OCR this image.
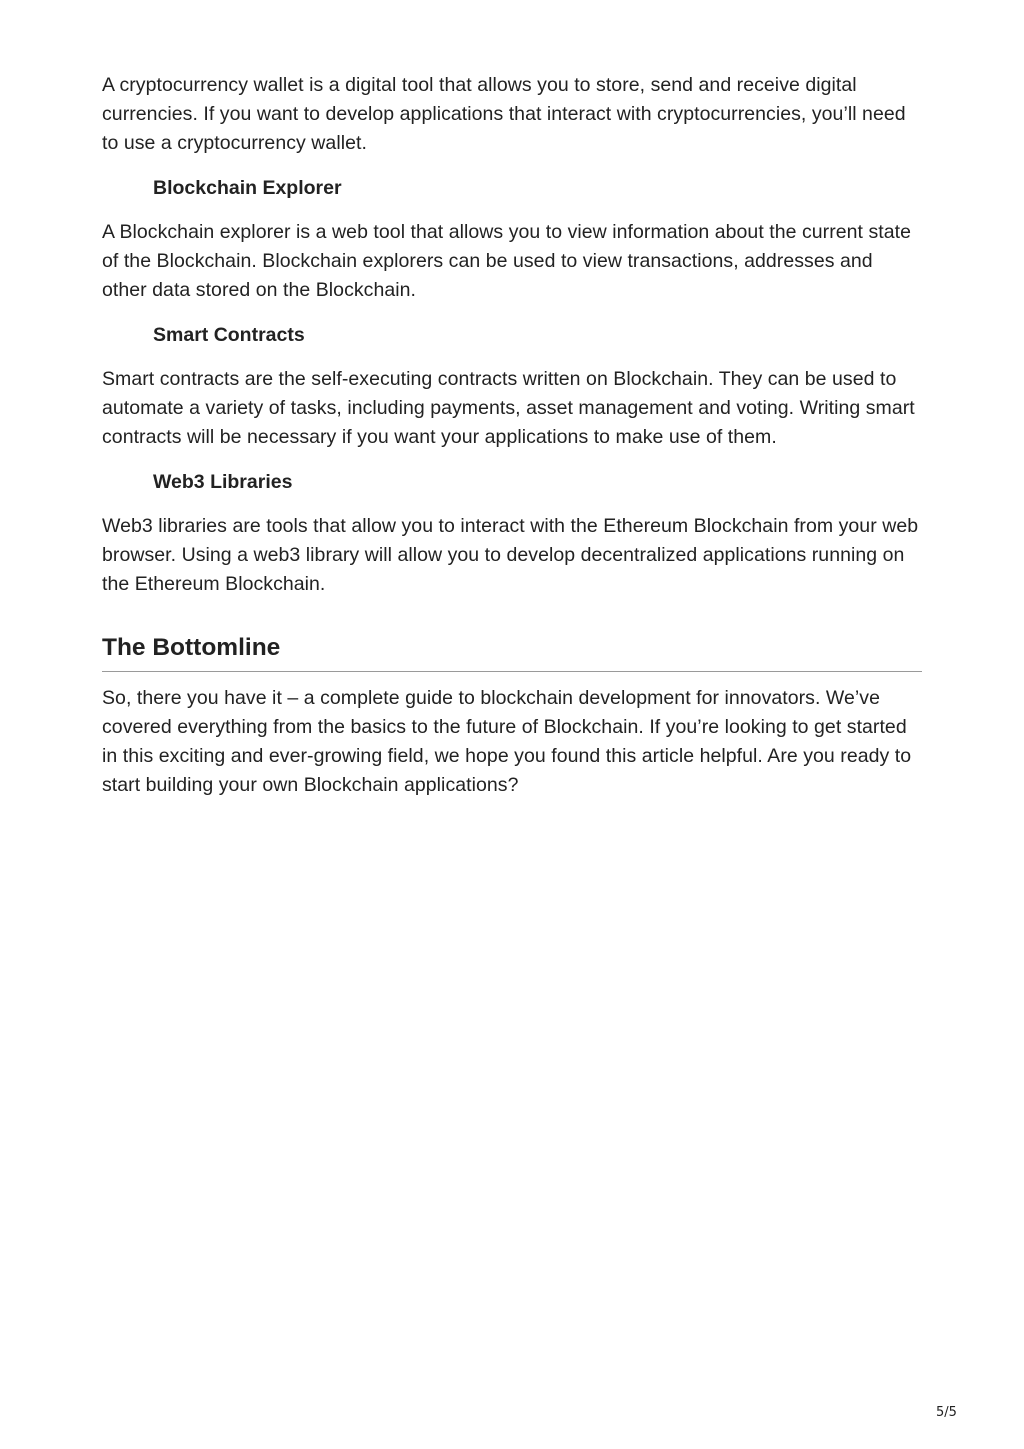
A cryptocurrency wallet is a digital tool that allows you to store, send and receive digital currencies. If you want to develop applications that interact with cryptocurrencies, you’ll need to use a cryptocurrency wallet.

Blockchain Explorer

A Blockchain explorer is a web tool that allows you to view information about the current state of the Blockchain. Blockchain explorers can be used to view transactions, addresses and other data stored on the Blockchain.

Smart Contracts

Smart contracts are the self-executing contracts written on Blockchain. They can be used to automate a variety of tasks, including payments, asset management and voting. Writing smart contracts will be necessary if you want your applications to make use of them.

Web3 Libraries

Web3 libraries are tools that allow you to interact with the Ethereum Blockchain from your web browser. Using a web3 library will allow you to develop decentralized applications running on the Ethereum Blockchain.

The Bottomline

So, there you have it – a complete guide to blockchain development for innovators. We’ve covered everything from the basics to the future of Blockchain. If you’re looking to get started in this exciting and ever-growing field, we hope you found this article helpful. Are you ready to start building your own Blockchain applications?

5/5
